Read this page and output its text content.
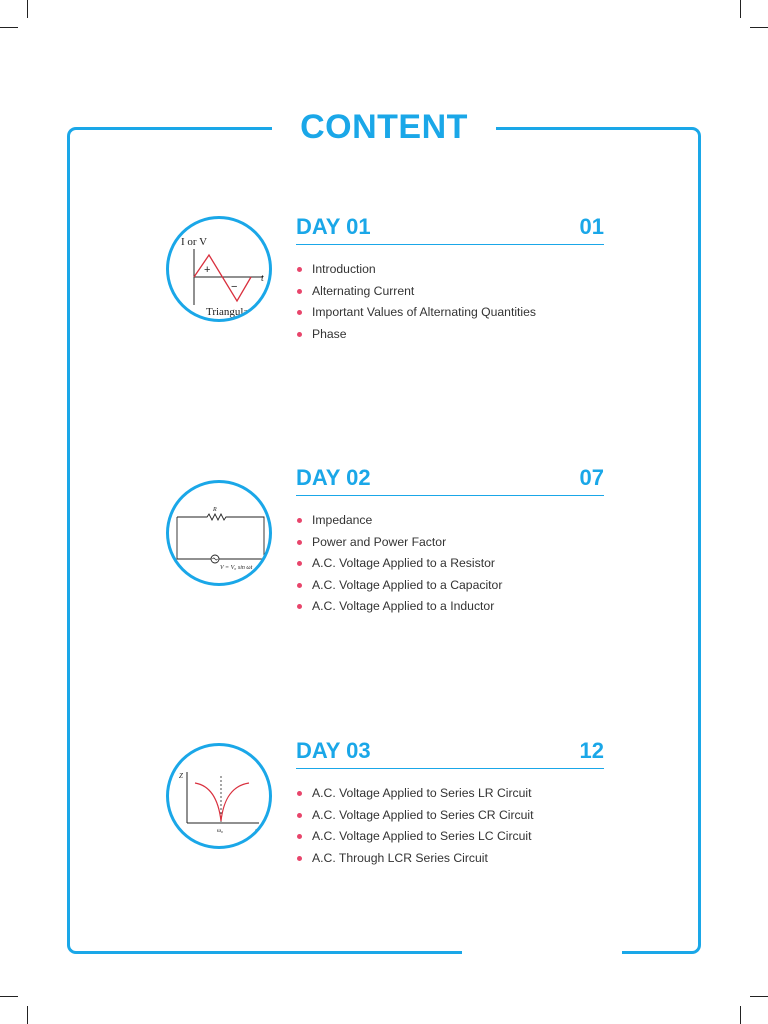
CONTENT
I or V
t
+
−
Triangular
DAY 01	01
Introduction
Alternating Current
Important Values of Alternating Quantities
Phase
R
V = V₀ sin ωt
DAY 02	07
Impedance
Power and Power Factor
A.C. Voltage Applied to a Resistor
A.C. Voltage Applied to a Capacitor
A.C. Voltage Applied to a Inductor
Z
ω₀	ω
DAY 03	12
A.C. Voltage Applied to Series LR Circuit
A.C. Voltage Applied to Series CR Circuit
A.C. Voltage Applied to Series LC Circuit
A.C. Through LCR Series Circuit
